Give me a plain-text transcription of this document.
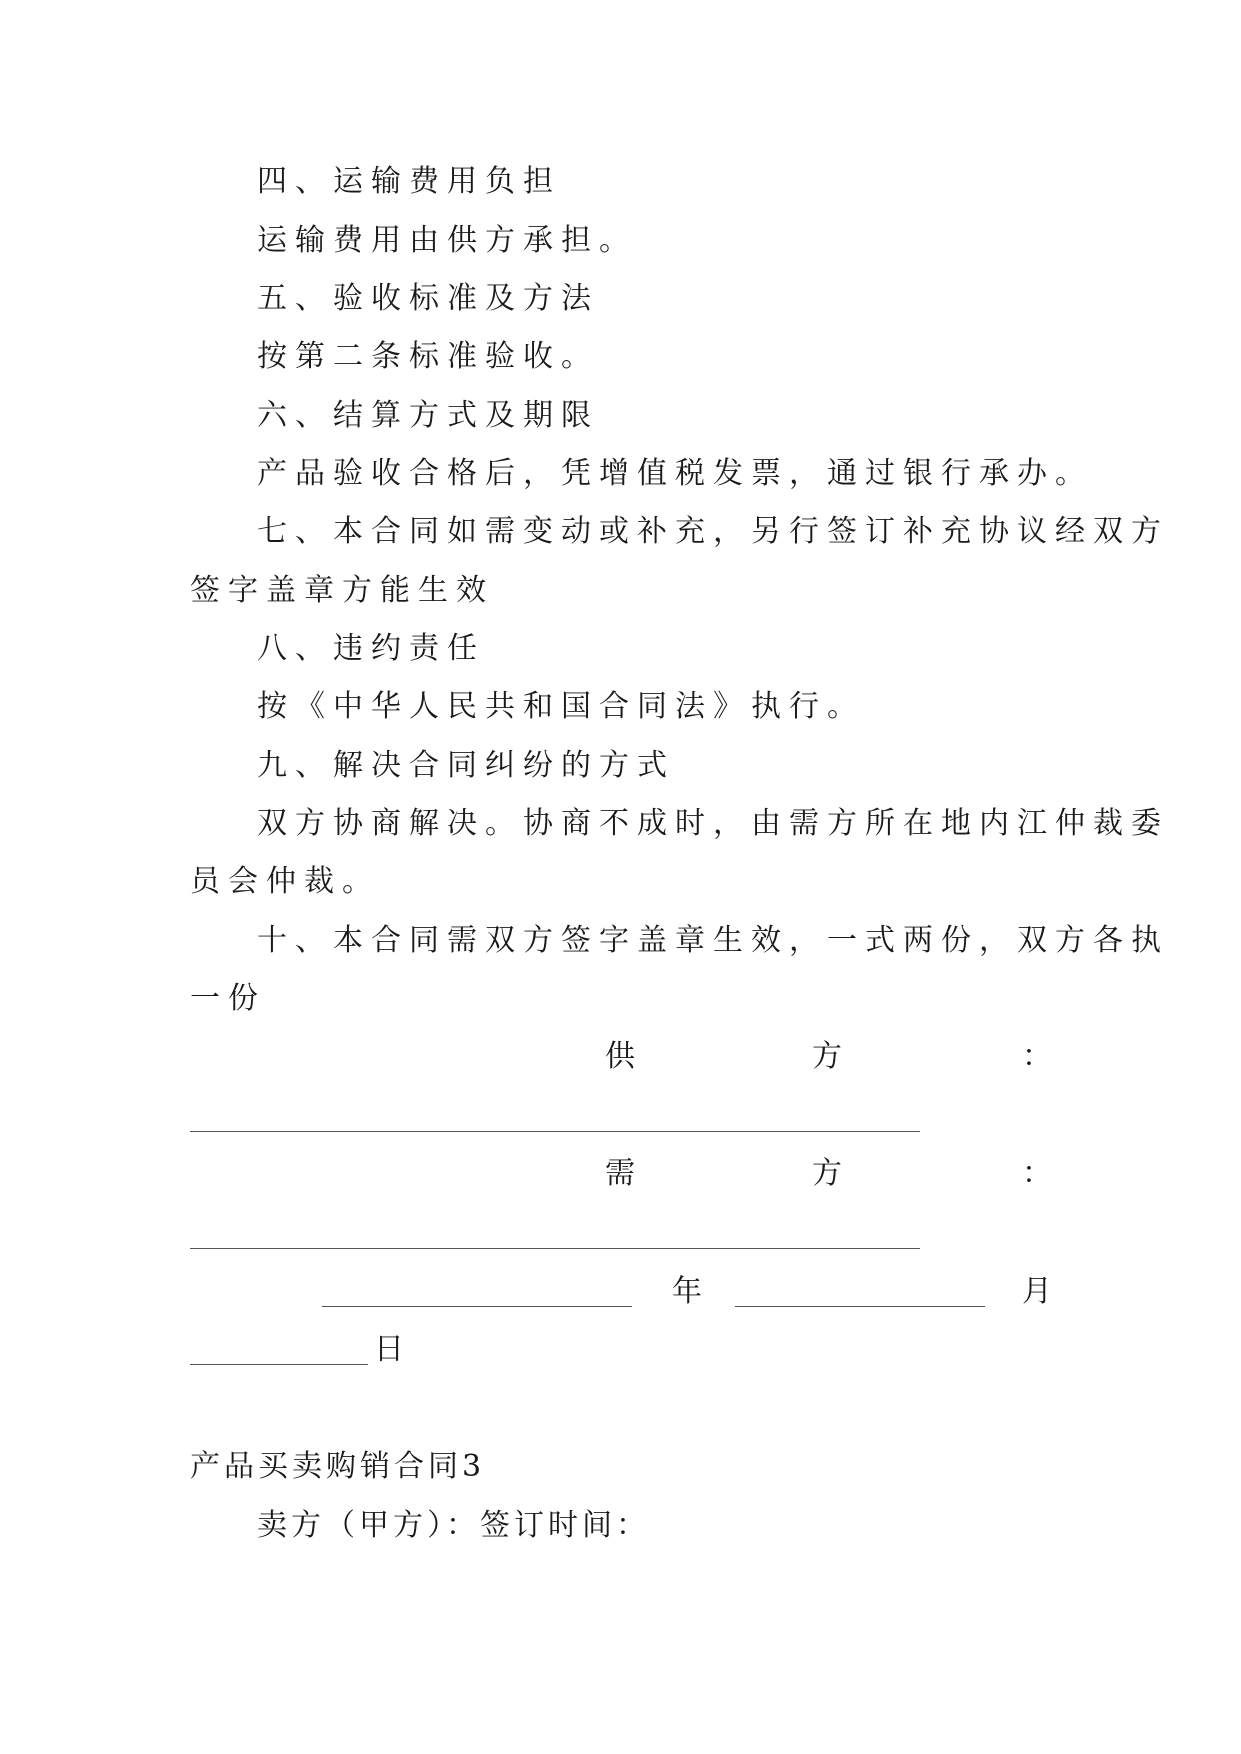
四、运输费用负担
运输费用由供方承担。
五、验收标准及方法
按第二条标准验收。
六、结算方式及期限
产品验收合格后，凭增值税发票，通过银行承办。
七、本合同如需变动或补充，另行签订补充协议经双方
签字盖章方能生效
八、违约责任
按《中华人民共和国合同法》执行。
九、解决合同纠纷的方式
双方协商解决。协商不成时，由需方所在地内江仲裁委
员会仲裁。
十、本合同需双方签字盖章生效，一式两份，双方各执
一份
供	方	：
需	方	：
年	月
日
产品买卖购销合同3
卖方（甲方）：签订时间：
